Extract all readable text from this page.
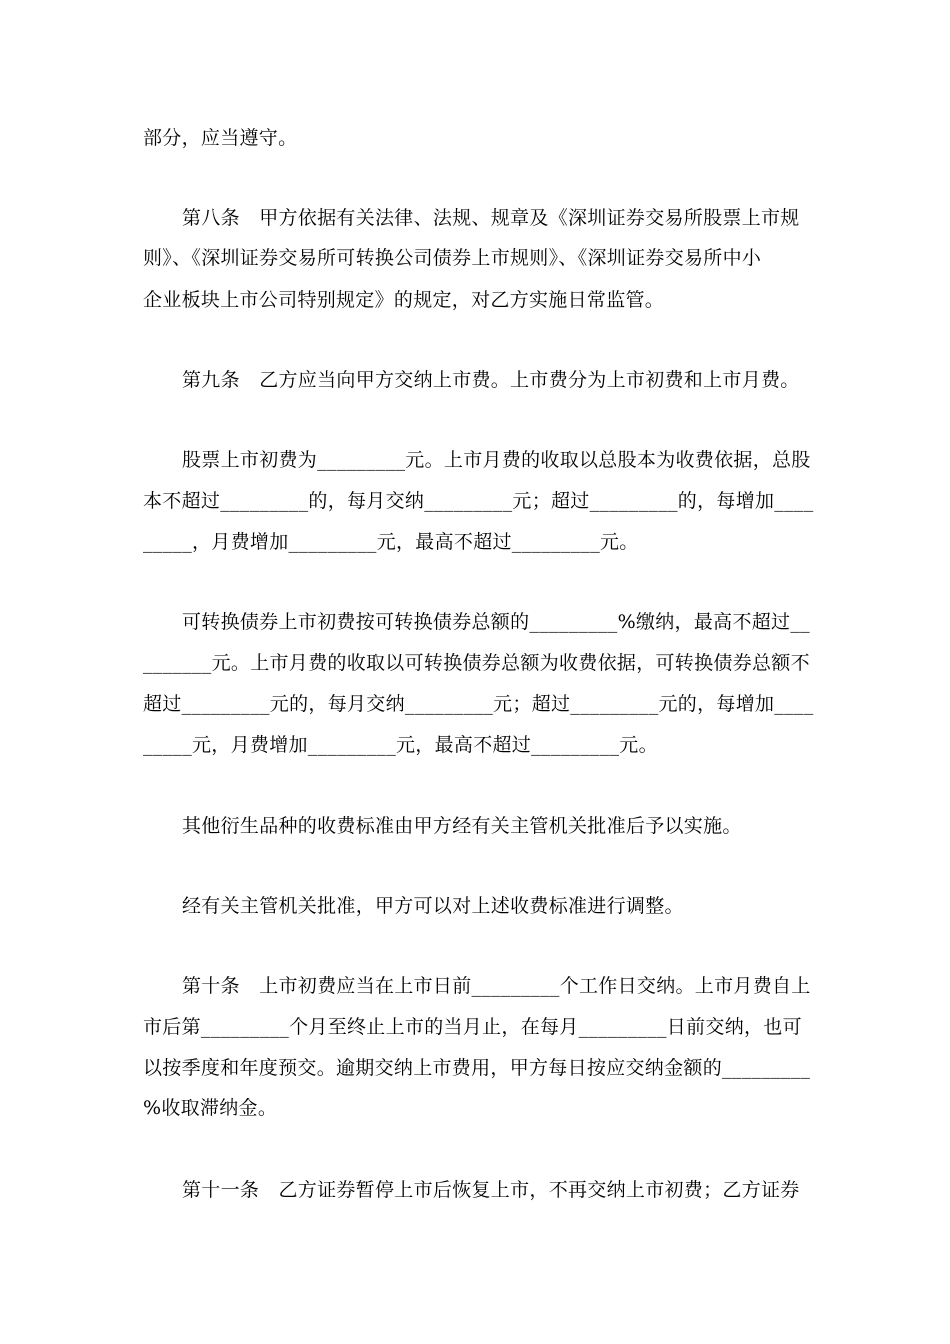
部分，应当遵守。
第八条　甲方依据有关法律、法规、规章及《深圳证券交易所股票上市规
则》、《深圳证券交易所可转换公司债券上市规则》、《深圳证券交易所中小
企业板块上市公司特别规定》的规定，对乙方实施日常监管。
第九条　乙方应当向甲方交纳上市费。上市费分为上市初费和上市月费。
股票上市初费为_________元。上市月费的收取以总股本为收费依据，总股
本不超过_________的，每月交纳_________元；超过_________的，每增加____
_____，月费增加_________元，最高不超过_________元。
可转换债券上市初费按可转换债券总额的_________%缴纳，最高不超过__
_______元。上市月费的收取以可转换债券总额为收费依据，可转换债券总额不
超过_________元的，每月交纳_________元；超过_________元的，每增加____
_____元，月费增加_________元，最高不超过_________元。
其他衍生品种的收费标准由甲方经有关主管机关批准后予以实施。
经有关主管机关批准，甲方可以对上述收费标准进行调整。
第十条　上市初费应当在上市日前_________个工作日交纳。上市月费自上
市后第_________个月至终止上市的当月止，在每月_________日前交纳，也可
以按季度和年度预交。逾期交纳上市费用，甲方每日按应交纳金额的_________
%收取滞纳金。
第十一条　乙方证券暂停上市后恢复上市，不再交纳上市初费；乙方证券
